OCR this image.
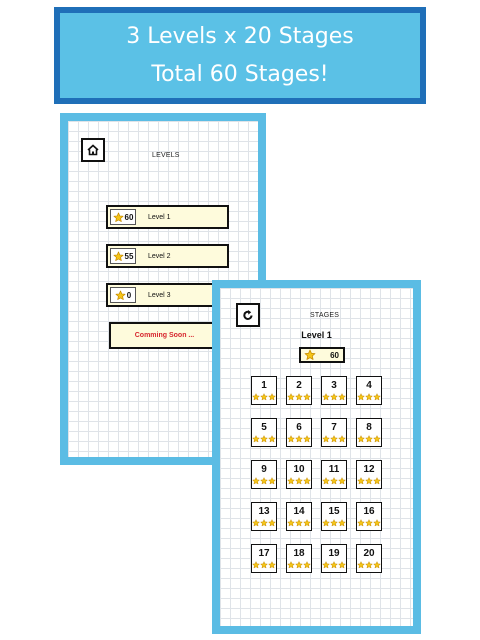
3 Levels x 20 Stages
Total 60 Stages!
LEVELS
60 Level 1
55 Level 2
0 Level 3
Comming Soon ...
STAGES
Level 1
60
1	2	3	4
5	6	7	8
9	10 11 12
13 14 15 16
17 18 19 20
